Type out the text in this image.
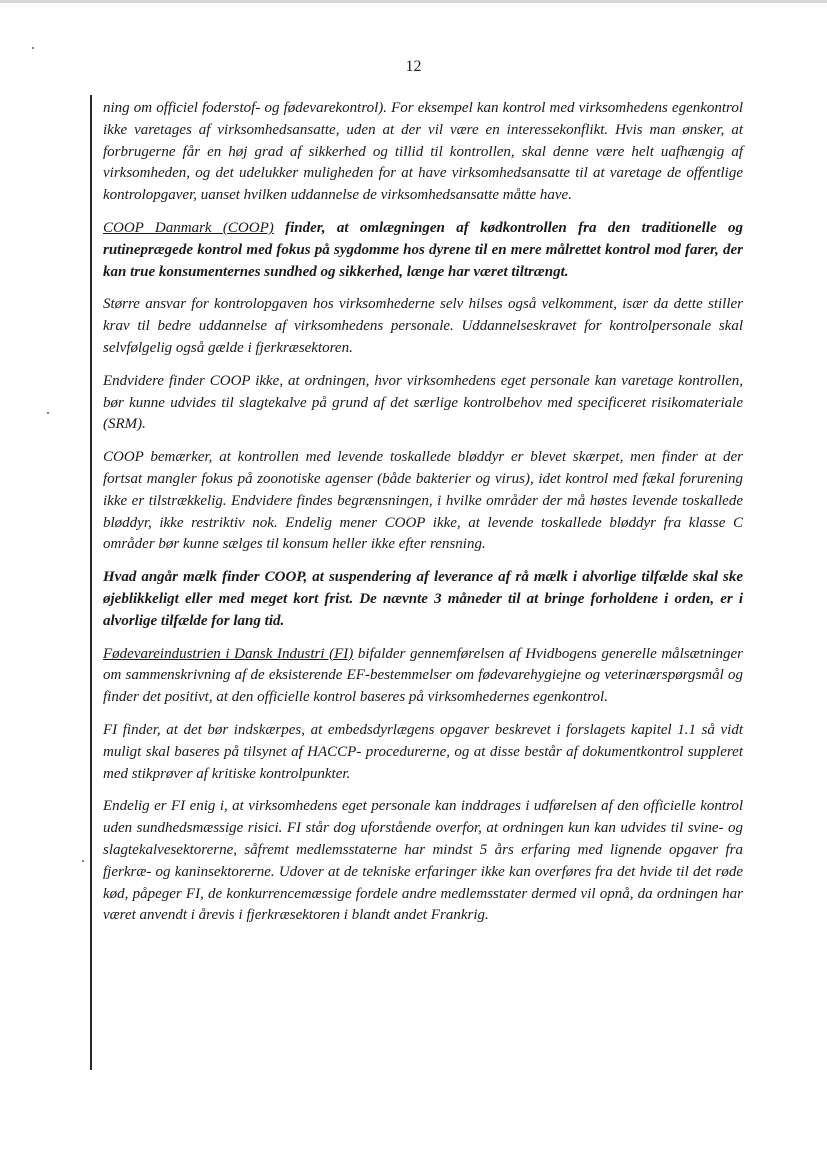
12

ning om officiel foderstof- og fødevarekontrol). For eksempel kan kontrol med virksomhedens egenkontrol ikke varetages af virksomhedsansatte, uden at der vil være en interessekonflikt. Hvis man ønsker, at forbrugerne får en høj grad af sikkerhed og tillid til kontrollen, skal denne være helt uafhængig af virksomheden, og det udelukker muligheden for at have virksomhedsansatte til at varetage de offentlige kontrolopgaver, uanset hvilken uddannelse de virksomhedsansatte måtte have.

COOP Danmark (COOP) finder, at omlægningen af kødkontrollen fra den traditionelle og rutineprægede kontrol med fokus på sygdomme hos dyrene til en mere målrettet kontrol mod farer, der kan true konsumenternes sundhed og sikkerhed, længe har været tiltrængt.

Større ansvar for kontrolopgaven hos virksomhederne selv hilses også velkomment, især da dette stiller krav til bedre uddannelse af virksomhedens personale. Uddannelseskravet for kontrolpersonale skal selvfølgelig også gælde i fjerkræsektoren.

Endvidere finder COOP ikke, at ordningen, hvor virksomhedens eget personale kan varetage kontrollen, bør kunne udvides til slagtekalve på grund af det særlige kontrolbehov med specificeret risikomateriale (SRM).

COOP bemærker, at kontrollen med levende toskallede bløddyr er blevet skærpet, men finder at der fortsat mangler fokus på zoonotiske agenser (både bakterier og virus), idet kontrol med fækal forurening ikke er tilstrækkelig. Endvidere findes begrænsningen, i hvilke områder der må høstes levende toskallede bløddyr, ikke restriktiv nok. Endelig mener COOP ikke, at levende toskallede bløddyr fra klasse C områder bør kunne sælges til konsum heller ikke efter rensning.

Hvad angår mælk finder COOP, at suspendering af leverance af rå mælk i alvorlige tilfælde skal ske øjeblikkeligt eller med meget kort frist. De nævnte 3 måneder til at bringe forholdene i orden, er i alvorlige tilfælde for lang tid.

Fødevareindustrien i Dansk Industri (FI) bifalder gennemførelsen af Hvidbogens generelle målsætninger om sammenskrivning af de eksisterende EF-bestemmelser om fødevarehygiejne og veterinærspørgsmål og finder det positivt, at den officielle kontrol baseres på virksomhedernes egenkontrol.

FI finder, at det bør indskærpes, at embedsdyrlægens opgaver beskrevet i forslagets kapitel 1.1 så vidt muligt skal baseres på tilsynet af HACCP- procedurerne, og at disse består af dokumentkontrol suppleret med stikprøver af kritiske kontrolpunkter.

Endelig er FI enig i, at virksomhedens eget personale kan inddrages i udførelsen af den officielle kontrol uden sundhedsmæssige risici. FI står dog uforstående overfor, at ordningen kun kan udvides til svine- og slagtekalvesektorerne, såfremt medlemsstaterne har mindst 5 års erfaring med lignende opgaver fra fjerkræ- og kaninsektorerne. Udover at de tekniske erfaringer ikke kan overføres fra det hvide til det røde kød, påpeger FI, de konkurrencemæssige fordele andre medlemsstater dermed vil opnå, da ordningen har været anvendt i årevis i fjerkræsektoren i blandt andet Frankrig.
